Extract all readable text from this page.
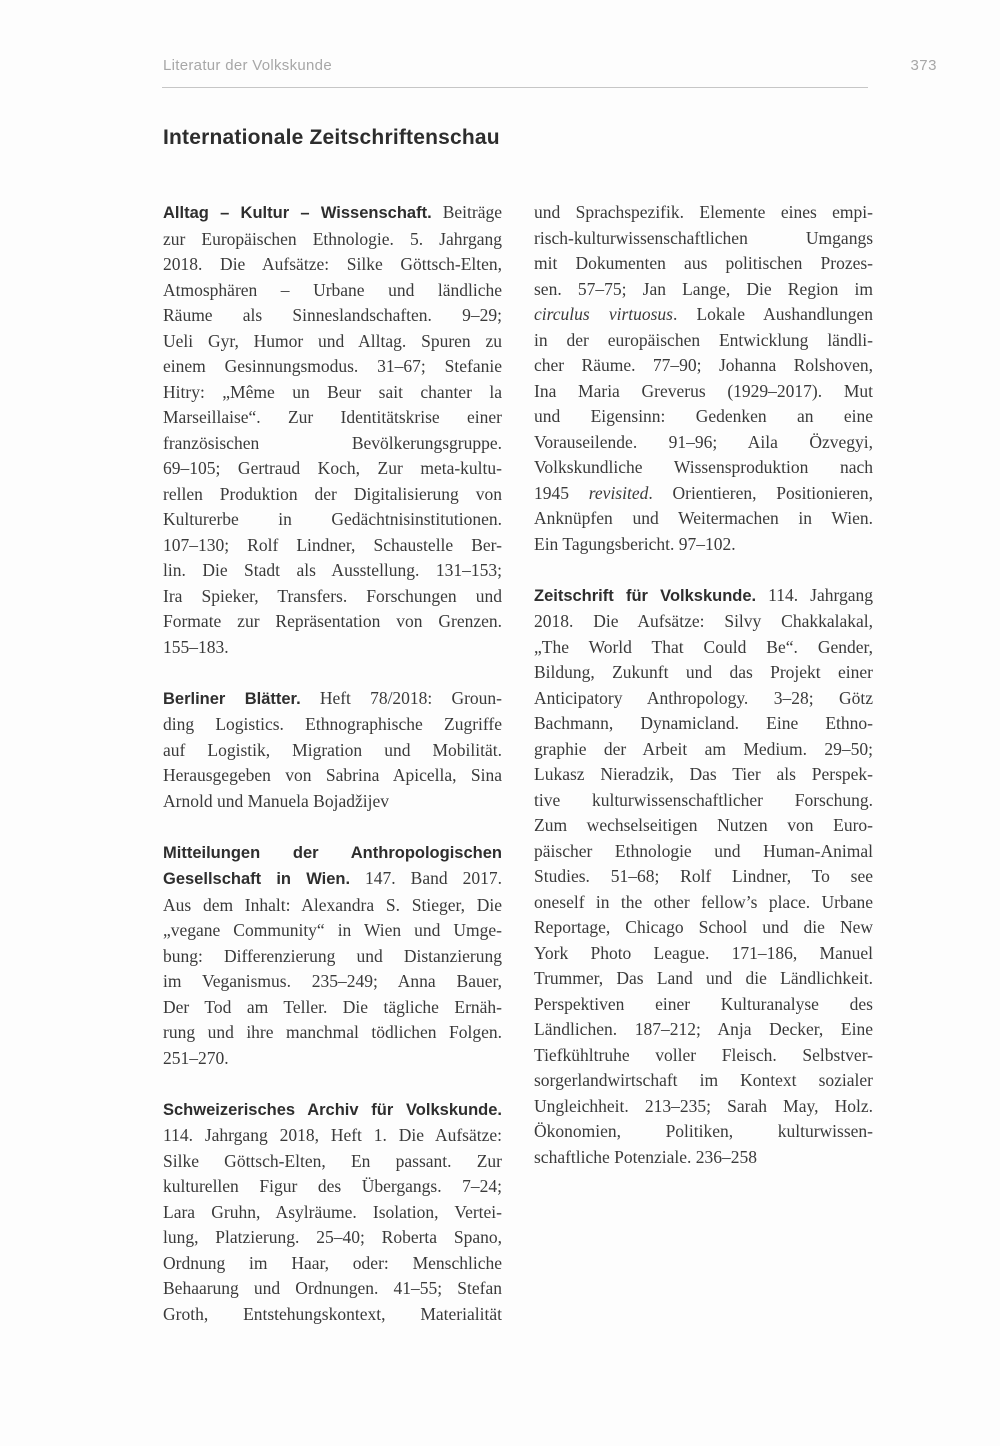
Literatur der Volkskunde	373
Internationale Zeitschriftenschau
Alltag – Kultur – Wissenschaft. Beiträge
zur Europäischen Ethnologie. 5. Jahrgang
2018. Die Aufsätze: Silke Göttsch-Elten,
Atmosphären – Urbane und ländliche
Räume als Sinneslandschaften. 9–29;
Ueli Gyr, Humor und Alltag. Spuren zu
einem Gesinnungsmodus. 31–67; Stefanie
Hitry: „Même un Beur sait chanter la
Marseillaise“. Zur Identitätskrise einer
französischen Bevölkerungsgruppe.
69–105; Gertraud Koch, Zur meta-kultu-
rellen Produktion der Digitalisierung von
Kulturerbe in Gedächtnisinstitutionen.
107–130; Rolf Lindner, Schaustelle Ber-
lin. Die Stadt als Ausstellung. 131–153;
Ira Spieker, Transfers. Forschungen und
Formate zur Repräsentation von Grenzen.
155–183.
Berliner Blätter. Heft 78/2018: Groun-
ding Logistics. Ethnographische Zugriffe
auf Logistik, Migration und Mobilität.
Herausgegeben von Sabrina Apicella, Sina
Arnold und Manuela Bojadžijev
Mitteilungen der Anthropologischen
Gesellschaft in Wien. 147. Band 2017.
Aus dem Inhalt: Alexandra S. Stieger, Die
„vegane Community“ in Wien und Umge-
bung: Differenzierung und Distanzierung
im Veganismus. 235–249; Anna Bauer,
Der Tod am Teller. Die tägliche Ernäh-
rung und ihre manchmal tödlichen Folgen.
251–270.
Schweizerisches Archiv für Volkskunde.
114. Jahrgang 2018, Heft 1. Die Aufsätze:
Silke Göttsch-Elten, En passant. Zur
kulturellen Figur des Übergangs. 7–24;
Lara Gruhn, Asylräume. Isolation, Vertei-
lung, Platzierung. 25–40; Roberta Spano,
Ordnung im Haar, oder: Menschliche
Behaarung und Ordnungen. 41–55; Stefan
Groth, Entstehungskontext, Materialität
und Sprachspezifik. Elemente eines empi-
risch-kulturwissenschaftlichen Umgangs
mit Dokumenten aus politischen Prozes-
sen. 57–75; Jan Lange, Die Region im
circulus virtuosus. Lokale Aushandlungen
in der europäischen Entwicklung ländli-
cher Räume. 77–90; Johanna Rolshoven,
Ina Maria Greverus (1929–2017). Mut
und Eigensinn: Gedenken an eine
Vorauseilende. 91–96; Aila Özvegyi,
Volkskundliche Wissensproduktion nach
1945 revisited. Orientieren, Positionieren,
Anknüpfen und Weitermachen in Wien.
Ein Tagungsbericht. 97–102.
Zeitschrift für Volkskunde. 114. Jahrgang
2018. Die Aufsätze: Silvy Chakkalakal,
„The World That Could Be“. Gender,
Bildung, Zukunft und das Projekt einer
Anticipatory Anthropology. 3–28; Götz
Bachmann, Dynamicland. Eine Ethno-
graphie der Arbeit am Medium. 29–50;
Lukasz Nieradzik, Das Tier als Perspek-
tive kulturwissenschaftlicher Forschung.
Zum wechselseitigen Nutzen von Euro-
päischer Ethnologie und Human-Animal
Studies. 51–68; Rolf Lindner, To see
oneself in the other fellow’s place. Urbane
Reportage, Chicago School und die New
York Photo League. 171–186, Manuel
Trummer, Das Land und die Ländlichkeit.
Perspektiven einer Kulturanalyse des
Ländlichen. 187–212; Anja Decker, Eine
Tiefkühltruhe voller Fleisch. Selbstver-
sorgerlandwirtschaft im Kontext sozialer
Ungleichheit. 213–235; Sarah May, Holz.
Ökonomien, Politiken, kulturwissen-
schaftliche Potenziale. 236–258
